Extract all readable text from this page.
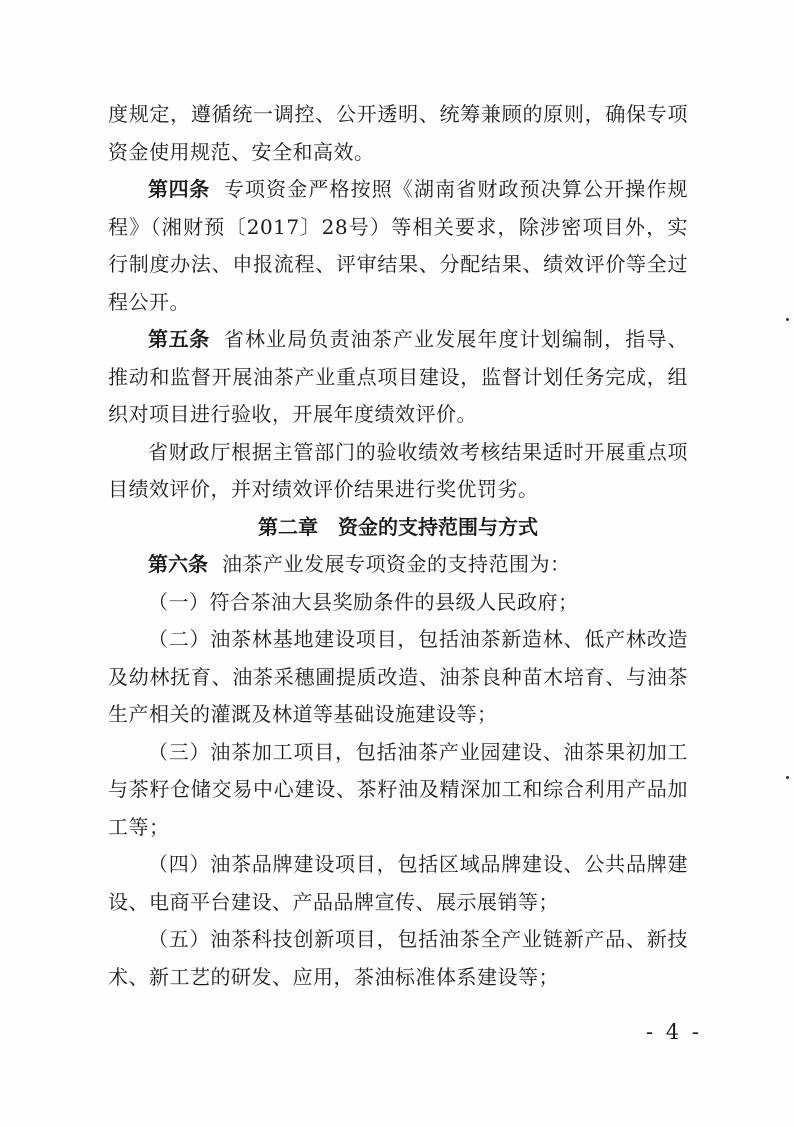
度规定，遵循统一调控、公开透明、统筹兼顾的原则，确保专项资金使用规范、安全和高效。

第四条 专项资金严格按照《湖南省财政预决算公开操作规程》（湘财预〔2017〕28号）等相关要求，除涉密项目外，实行制度办法、申报流程、评审结果、分配结果、绩效评价等全过程公开。

第五条 省林业局负责油茶产业发展年度计划编制，指导、推动和监督开展油茶产业重点项目建设，监督计划任务完成，组织对项目进行验收，开展年度绩效评价。

省财政厅根据主管部门的验收绩效考核结果适时开展重点项目绩效评价，并对绩效评价结果进行奖优罚劣。

第二章　资金的支持范围与方式

第六条 油茶产业发展专项资金的支持范围为：

（一）符合茶油大县奖励条件的县级人民政府；

（二）油茶林基地建设项目，包括油茶新造林、低产林改造及幼林抚育、油茶采穗圃提质改造、油茶良种苗木培育、与油茶生产相关的灌溉及林道等基础设施建设等；

（三）油茶加工项目，包括油茶产业园建设、油茶果初加工与茶籽仓储交易中心建设、茶籽油及精深加工和综合利用产品加工等；

（四）油茶品牌建设项目，包括区域品牌建设、公共品牌建设、电商平台建设、产品品牌宣传、展示展销等；

（五）油茶科技创新项目，包括油茶全产业链新产品、新技术、新工艺的研发、应用，茶油标准体系建设等；

- 4 -
